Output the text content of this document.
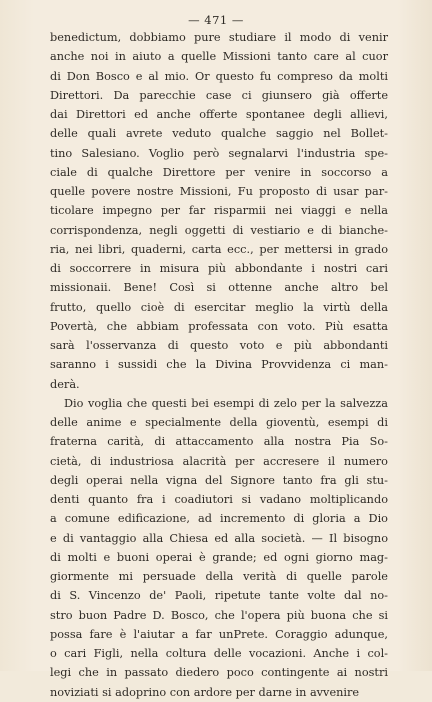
— 471 —
benedictum, dobbiamo pure studiare il modo di venir
anche noi in aiuto a quelle Missioni tanto care al cuor
di Don Bosco e al mio. Or questo fu compreso da molti
Direttori. Da parecchie case ci giunsero già offerte
dai Direttori ed anche offerte spontanee degli allievi,
delle quali avrete veduto qualche saggio nel Bollet-
tino Salesiano. Voglio però segnalarvi l'industria spe-
ciale di qualche Direttore per venire in soccorso a
quelle povere nostre Missioni, Fu proposto di usar par-
ticolare impegno per far risparmii nei viaggi e nella
corrispondenza, negli oggetti di vestiario e di bianche-
ria, nei libri, quaderni, carta ecc., per mettersi in grado
di soccorrere in misura più abbondante i nostri cari
missionaii. Bene! Così si ottenne anche altro bel
frutto, quello cioè di esercitar meglio la virtù della
Povertà, che abbiam professata con voto. Più esatta
sarà l'osservanza di questo voto e più abbondanti
saranno i sussidi che la Divina Provvidenza ci man-
derà.
Dio voglia che questi bei esempi di zelo per la salvezza
delle anime e specialmente della gioventù, esempi di
fraterna carità, di attaccamento alla nostra Pia So-
cietà, di industriosa alacrità per accresere il numero
degli operai nella vigna del Signore tanto fra gli stu-
denti quanto fra i coadiutori si vadano moltiplicando
a comune edificazione, ad incremento di gloria a Dio
e di vantaggio alla Chiesa ed alla società. — Il bisogno
di molti e buoni operai è grande; ed ogni giorno mag-
giormente mi persuade della verità di quelle parole
di S. Vincenzo de' Paoli, ripetute tante volte dal no-
stro buon Padre D. Bosco, che l'opera più buona che si
possa fare è l'aiutar a far unPrete. Coraggio adunque,
o cari Figli, nella coltura delle vocazioni. Anche i col-
legi che in passato diedero poco contingente ai nostri
noviziati si adoprino con ardore per darne in avvenire
